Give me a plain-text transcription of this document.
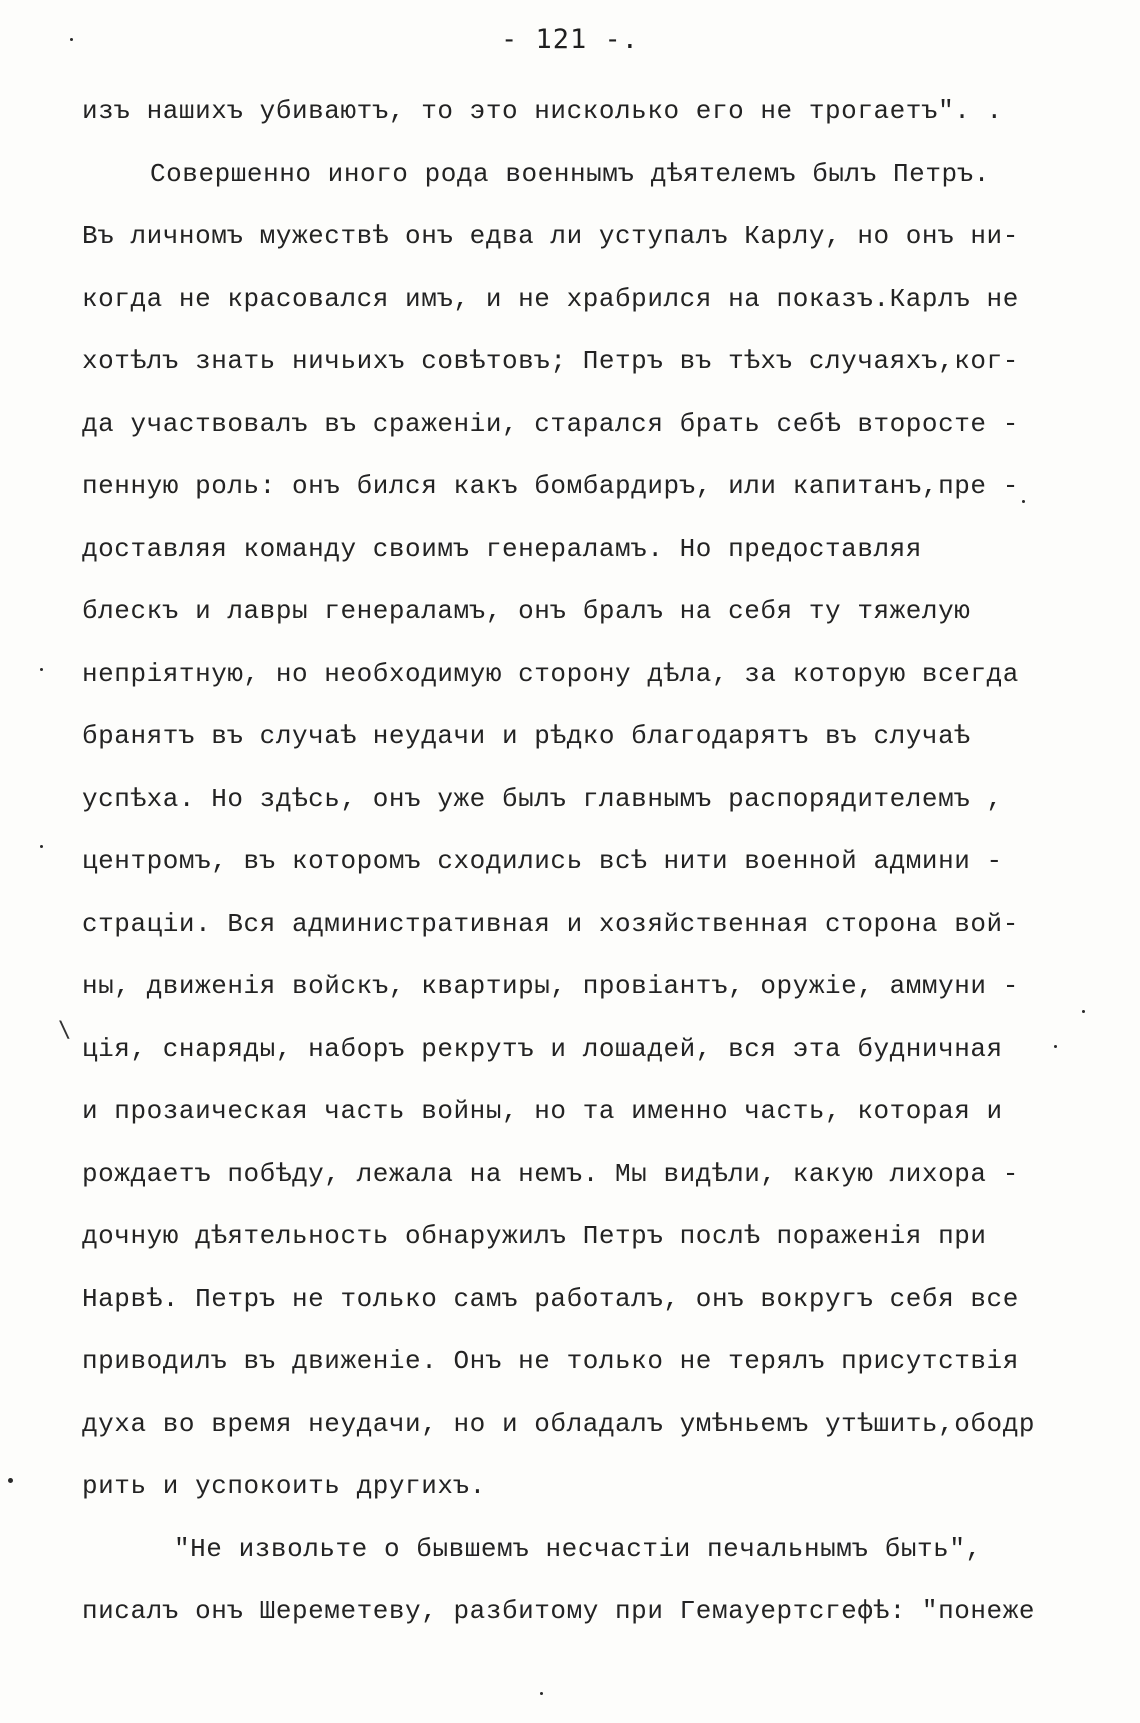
- 121 -.
изъ нашихъ убиваютъ, то это нисколько его не трогаетъ". .
Совершенно иного рода военнымъ дѣятелемъ былъ Петръ.
Въ личномъ мужествѣ онъ едва ли уступалъ Карлу, но онъ ни-
когда не красовался имъ, и не храбрился на показъ.Карлъ не
хотѣлъ знать ничьихъ совѣтовъ; Петръ въ тѣхъ случаяхъ,ког-
да участвовалъ въ сраженіи, старался брать себѣ второсте -
пенную роль: онъ бился какъ бомбардиръ, или капитанъ,пре -
доставляя команду своимъ генераламъ. Но предоставляя
блескъ и лавры генераламъ, онъ бралъ на себя ту тяжелую
непріятную, но необходимую сторону дѣла, за которую всегда
бранятъ въ случаѣ неудачи и рѣдко благодарятъ въ случаѣ
успѣха. Но здѣсь, онъ уже былъ главнымъ распорядителемъ ,
центромъ, въ которомъ сходились всѣ нити военной админи -
страціи. Вся административная и хозяйственная сторона вой-
ны, движенія войскъ, квартиры, провіантъ, оружіе, аммуни -
ція, снаряды, наборъ рекрутъ и лошадей, вся эта будничная
и прозаическая часть войны, но та именно часть, которая и
рождаетъ побѣду, лежала на немъ. Мы видѣли, какую лихора -
дочную дѣятельность обнаружилъ Петръ послѣ пораженія при
Нарвѣ. Петръ не только самъ работалъ, онъ вокругъ себя все
приводилъ въ движеніе. Онъ не только не терялъ присутствія
духа во время неудачи, но и обладалъ умѣньемъ утѣшить,ободр
рить и успокоить другихъ.
"Не извольте о бывшемъ несчастіи печальнымъ быть",
писалъ онъ Шереметеву, разбитому при Гемауертсгефѣ: "понеже
\
